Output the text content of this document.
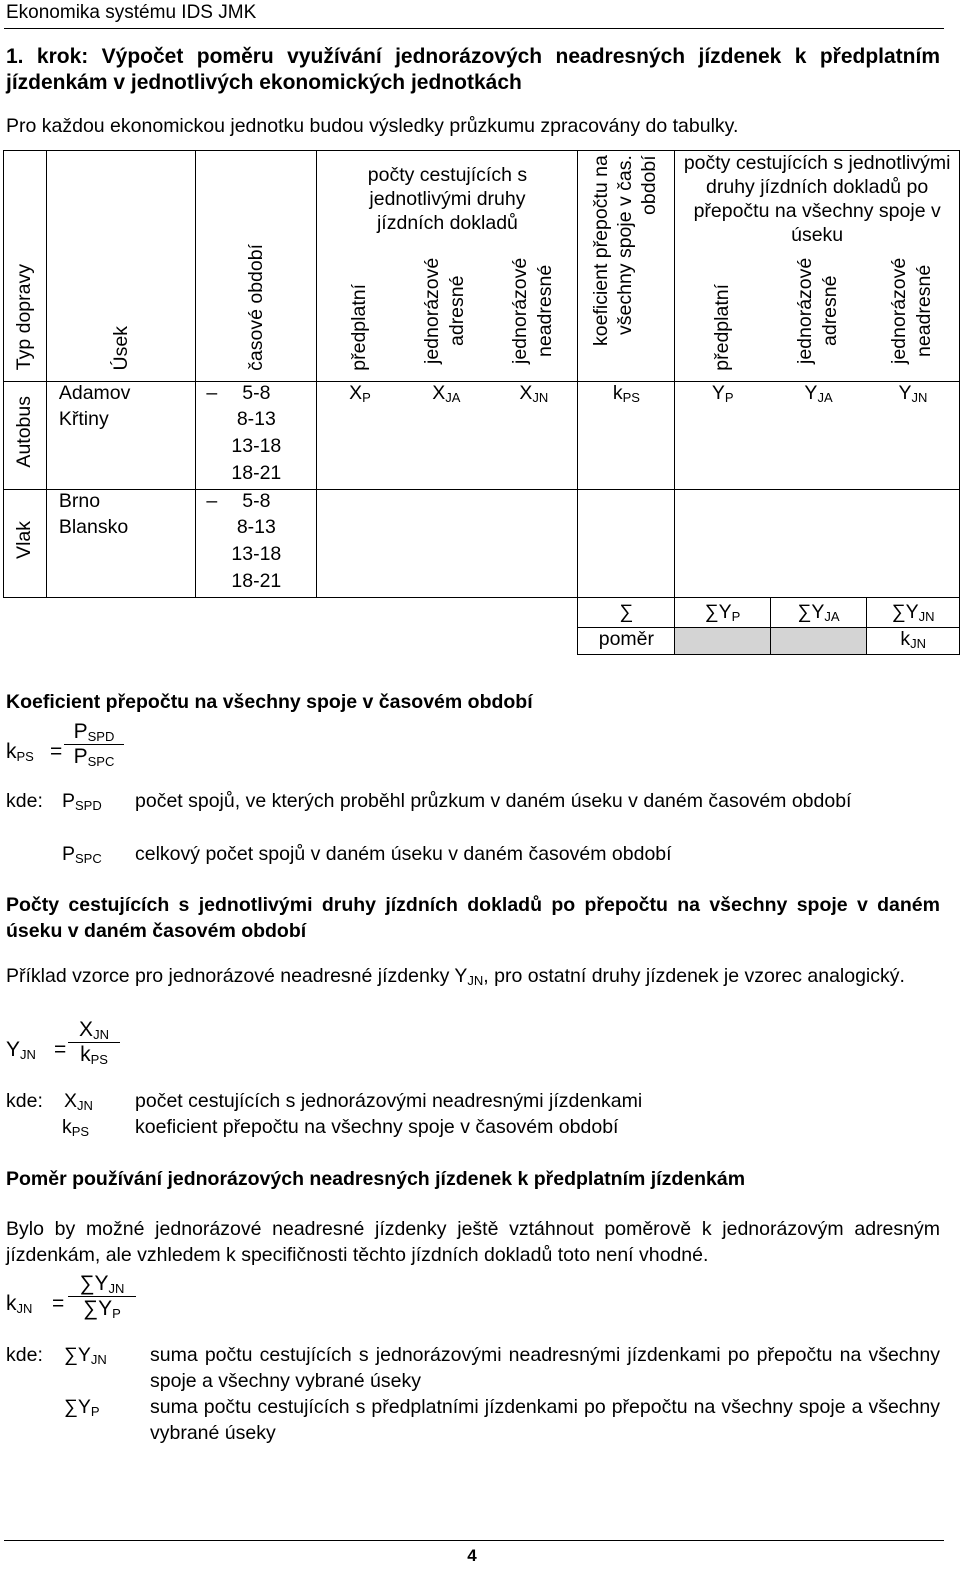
Ekonomika systému IDS JMK
1. krok: Výpočet poměru využívání jednorázových neadresných jízdenek k předplatním jízdenkám v jednotlivých ekonomických jednotkách
Pro každou ekonomickou jednotku budou výsledky průzkumu zpracovány do tabulky.
Typ dopravy	Úsek	časové období	počty cestujících s jednotlivými druhy jízdních dokladů			koeficient přepočtu na všechny spoje v čas. období	počty cestujících s jednotlivými druhy jízdních dokladů po přepočtu na všechny spoje v úseku		
			předplatní	jednorázové adresné	jednorázové neadresné		předplatní	jednorázové adresné	jednorázové neadresné
Autobus	Adamov –	5-8	$X_P$	$X_{JA}$	$X_{JN}$	$k_{PS}$	$Y_P$	$Y_{JA}$	$Y_{JN}$
	Křtiny	8-13							
		13-18							
		18-21							
Vlak	Brno –	5-8							
	Blansko	8-13							
		13-18							
		18-21							
						∑	$\sum Y_P$	$\sum Y_{JA}$	$\sum Y_{JN}$
						poměr			$k_{JN}$
Koeficient přepočtu na všechny spoje v časovém období
$k_{PS}$ =
$P_{SPD}$
$P_{SPC}$
kde: $P_{SPD}$ počet spojů, ve kterých proběhl průzkum v daném úseku v daném časovém období
$P_{SPC}$ celkový počet spojů v daném úseku v daném časovém období
Počty cestujících s jednotlivými druhy jízdních dokladů po přepočtu na všechny spoje v daném úseku v daném časovém období
Příklad vzorce pro jednorázové neadresné jízdenky $Y_{JN}$, pro ostatní druhy jízdenek je vzorec analogický.
$Y_{JN}$ =
$X_{JN}$
$k_{PS}$
kde: $X_{JN}$ počet cestujících s jednorázovými neadresnými jízdenkami
$k_{PS}$ koeficient přepočtu na všechny spoje v časovém období
Poměr používání jednorázových neadresných jízdenek k předplatním jízdenkám
Bylo by možné jednorázové neadresné jízdenky ještě vztáhnout poměrově k jednorázovým adresným jízdenkám, ale vzhledem k specifičnosti těchto jízdních dokladů toto není vhodné.
$k_{JN}$ =
$\sum Y_{JN}$
$\sum Y_P$
kde: $\sum Y_{JN}$ suma počtu cestujících s jednorázovými neadresnými jízdenkami po přepočtu na všechny spoje a všechny vybrané úseky
$\sum Y_P$	suma počtu cestujících s předplatními jízdenkami po přepočtu na všechny spoje a všechny vybrané úseky
4
